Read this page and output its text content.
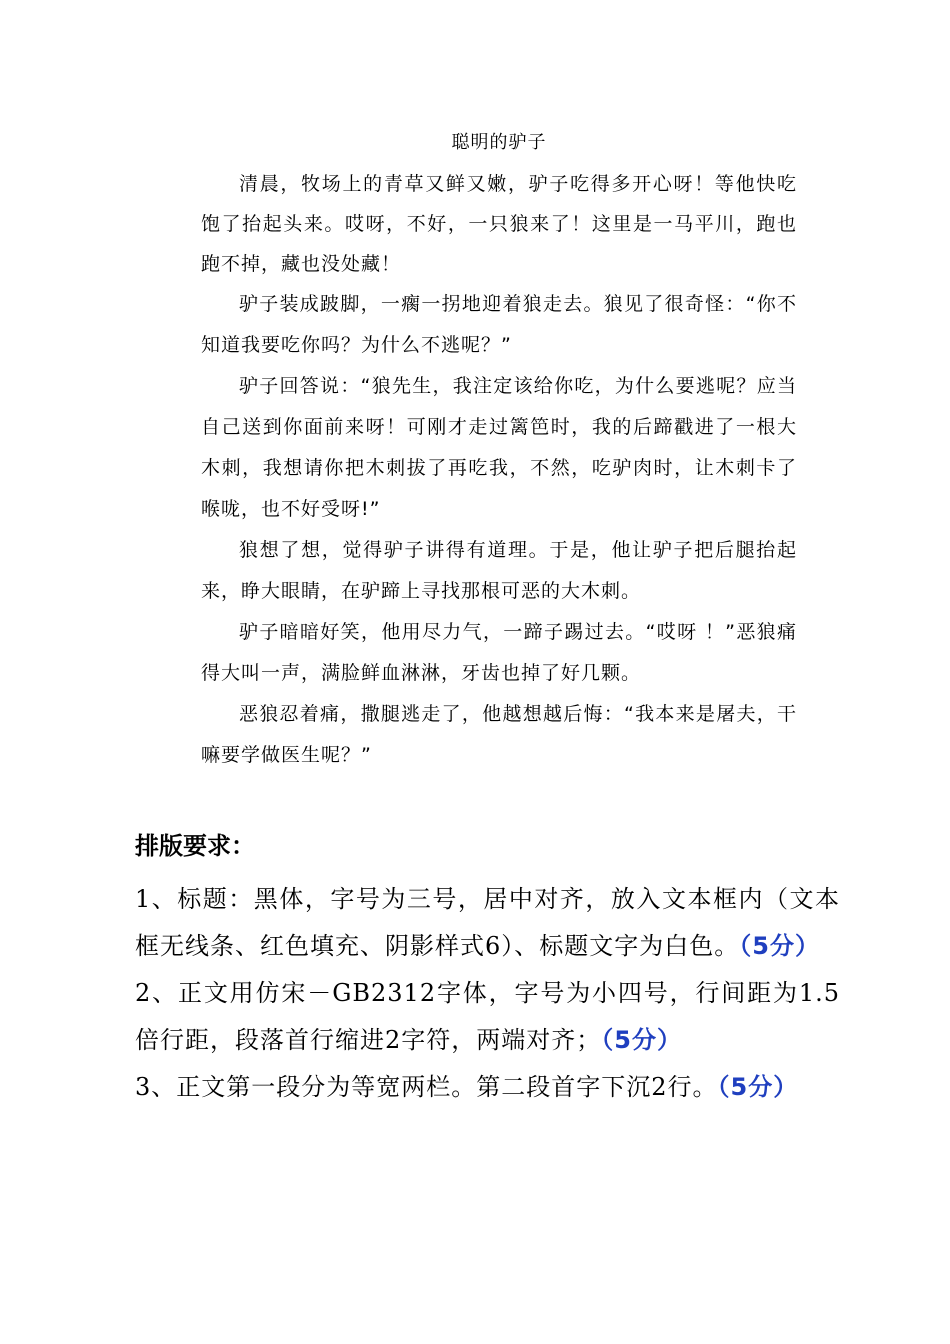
聪明的驴子

清晨，牧场上的青草又鲜又嫩，驴子吃得多开心呀！等他快吃饱了抬起头来。哎呀，不好，一只狼来了！这里是一马平川，跑也跑不掉，藏也没处藏！

驴子装成跛脚，一瘸一拐地迎着狼走去。狼见了很奇怪：“你不知道我要吃你吗？为什么不逃呢？”

驴子回答说：“狼先生，我注定该给你吃，为什么要逃呢？应当自己送到你面前来呀！可刚才走过篱笆时，我的后蹄戳进了一根大木刺，我想请你把木刺拔了再吃我，不然，吃驴肉时，让木刺卡了喉咙，也不好受呀!”

狼想了想，觉得驴子讲得有道理。于是，他让驴子把后腿抬起来，睁大眼睛，在驴蹄上寻找那根可恶的大木刺。

驴子暗暗好笑，他用尽力气，一蹄子踢过去。“哎呀 ！”恶狼痛得大叫一声，满脸鲜血淋淋，牙齿也掉了好几颗。

恶狼忍着痛，撒腿逃走了，他越想越后悔：“我本来是屠夫，干嘛要学做医生呢？”

排版要求：

1、标题：黑体，字号为三号，居中对齐，放入文本框内（文本框无线条、红色填充、阴影样式6）、标题文字为白色。（5分）

2、正文用仿宋－GB2312字体，字号为小四号，行间距为1.5倍行距，段落首行缩进2字符，两端对齐；（5分）

3、正文第一段分为等宽两栏。第二段首字下沉2行。（5分）
